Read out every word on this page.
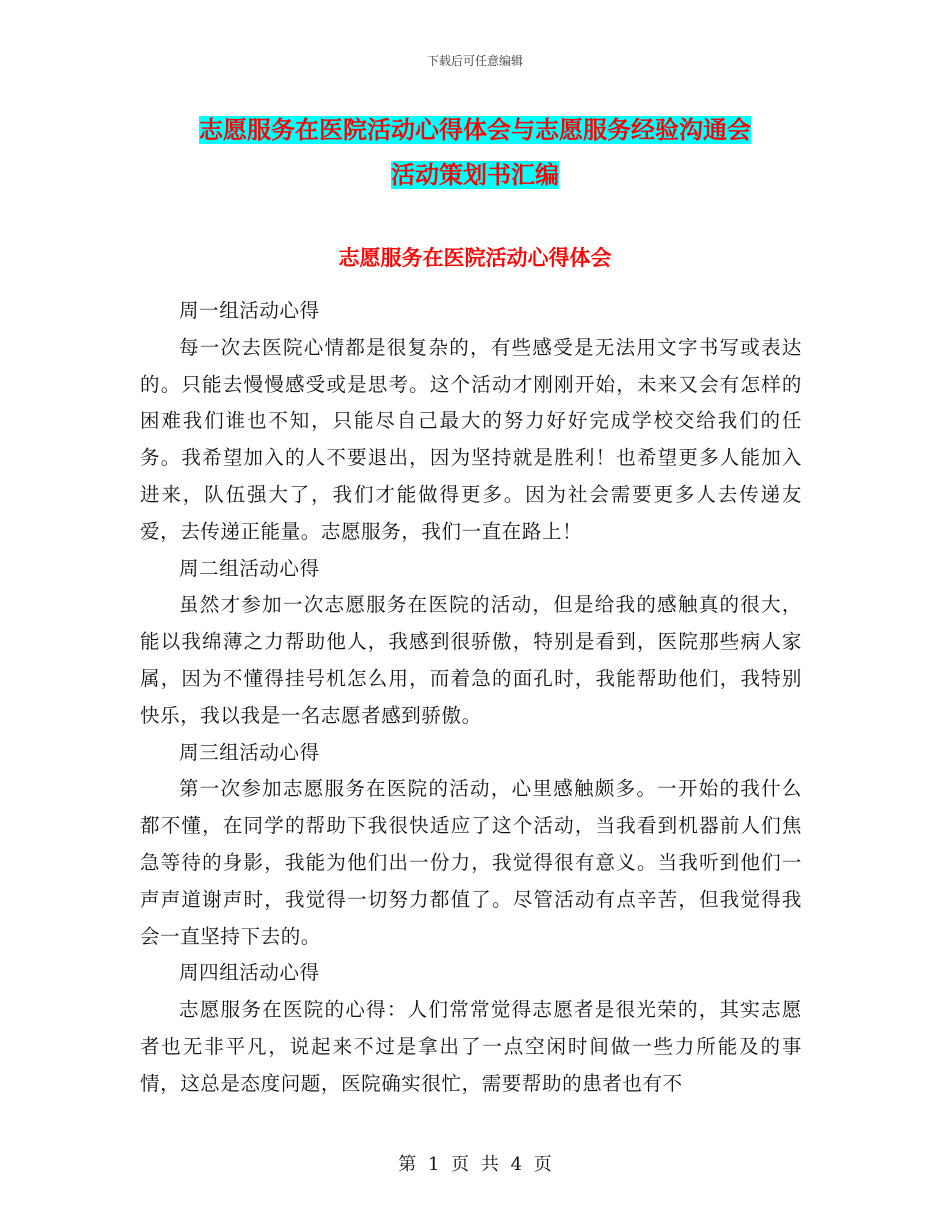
下载后可任意编辑
志愿服务在医院活动心得体会与志愿服务经验沟通会
活动策划书汇编
志愿服务在医院活动心得体会

周一组活动心得

每一次去医院心情都是很复杂的，有些感受是无法用文字书写或表达的。只能去慢慢感受或是思考。这个活动才刚刚开始，未来又会有怎样的困难我们谁也不知，只能尽自己最大的努力好好完成学校交给我们的任务。我希望加入的人不要退出，因为坚持就是胜利！也希望更多人能加入进来，队伍强大了，我们才能做得更多。因为社会需要更多人去传递友爱，去传递正能量。志愿服务，我们一直在路上！

周二组活动心得

虽然才参加一次志愿服务在医院的活动，但是给我的感触真的很大，能以我绵薄之力帮助他人，我感到很骄傲，特别是看到，医院那些病人家属，因为不懂得挂号机怎么用，而着急的面孔时，我能帮助他们，我特别快乐，我以我是一名志愿者感到骄傲。

周三组活动心得

第一次参加志愿服务在医院的活动，心里感触颇多。一开始的我什么都不懂，在同学的帮助下我很快适应了这个活动，当我看到机器前人们焦急等待的身影，我能为他们出一份力，我觉得很有意义。当我听到他们一声声道谢声时，我觉得一切努力都值了。尽管活动有点辛苦，但我觉得我会一直坚持下去的。

周四组活动心得

志愿服务在医院的心得：人们常常觉得志愿者是很光荣的，其实志愿者也无非平凡，说起来不过是拿出了一点空闲时间做一些力所能及的事情，这总是态度问题，医院确实很忙，需要帮助的患者也有不

第 1 页 共 4 页
